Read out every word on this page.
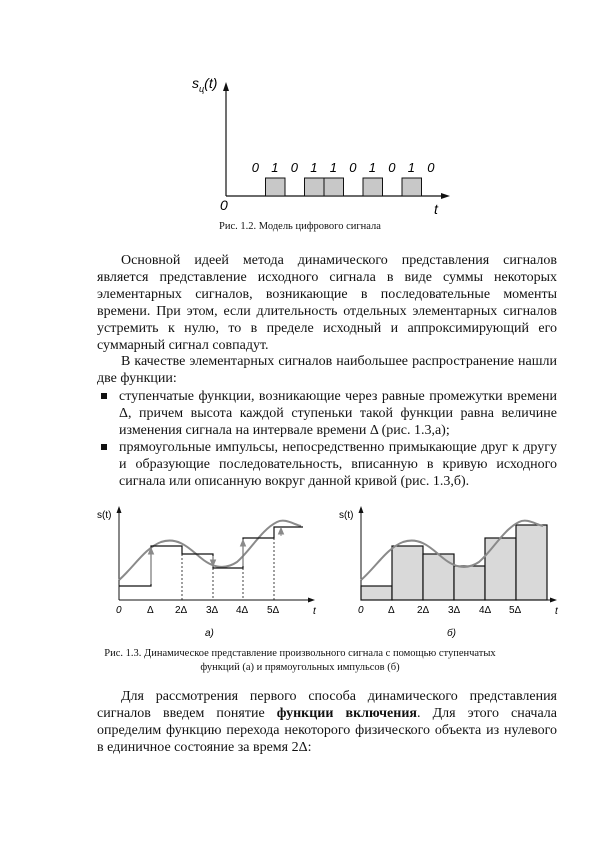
0 1 0 1 1 0 1 0 1 0
$s_ц(t)$
0	t
Рис. 1.2. Модель цифрового сигнала

Основной идеей метода динамического представления сигналов является представление исходного сигнала в виде суммы некоторых элементарных сигналов, возникающие в последовательные моменты времени. При этом, если длительность отдельных элементарных сигналов устремить к нулю, то в пределе исходный и аппроксимирующий его суммарный сигнал совпадут.

В качестве элементарных сигналов наибольшее распространение нашли две функции:

ступенчатые функции, возникающие через равные промежутки времени Δ, причем высота каждой ступеньки такой функции равна величине изменения сигнала на интервале времени Δ (рис. 1.3,а);
прямоугольные импульсы, непосредственно примыкающие друг к другу и образующие последовательность, вписанную в кривую исходного сигнала или описанную вокруг данной кривой (рис. 1.3,б).
s(t)
t
0	Δ 2Δ 3Δ 4Δ 5Δ
а)
s(t)
t
0 Δ 2Δ 3Δ 4Δ 5Δ
б)
Рис. 1.3. Динамическое представление произвольного сигнала с помощью ступенчатых
функций (а) и прямоугольных импульсов (б)

Для рассмотрения первого способа динамического представления сигналов введем понятие функции включения. Для этого сначала определим функцию перехода некоторого физического объекта из нулевого в единичное состояние за время 2Δ:
